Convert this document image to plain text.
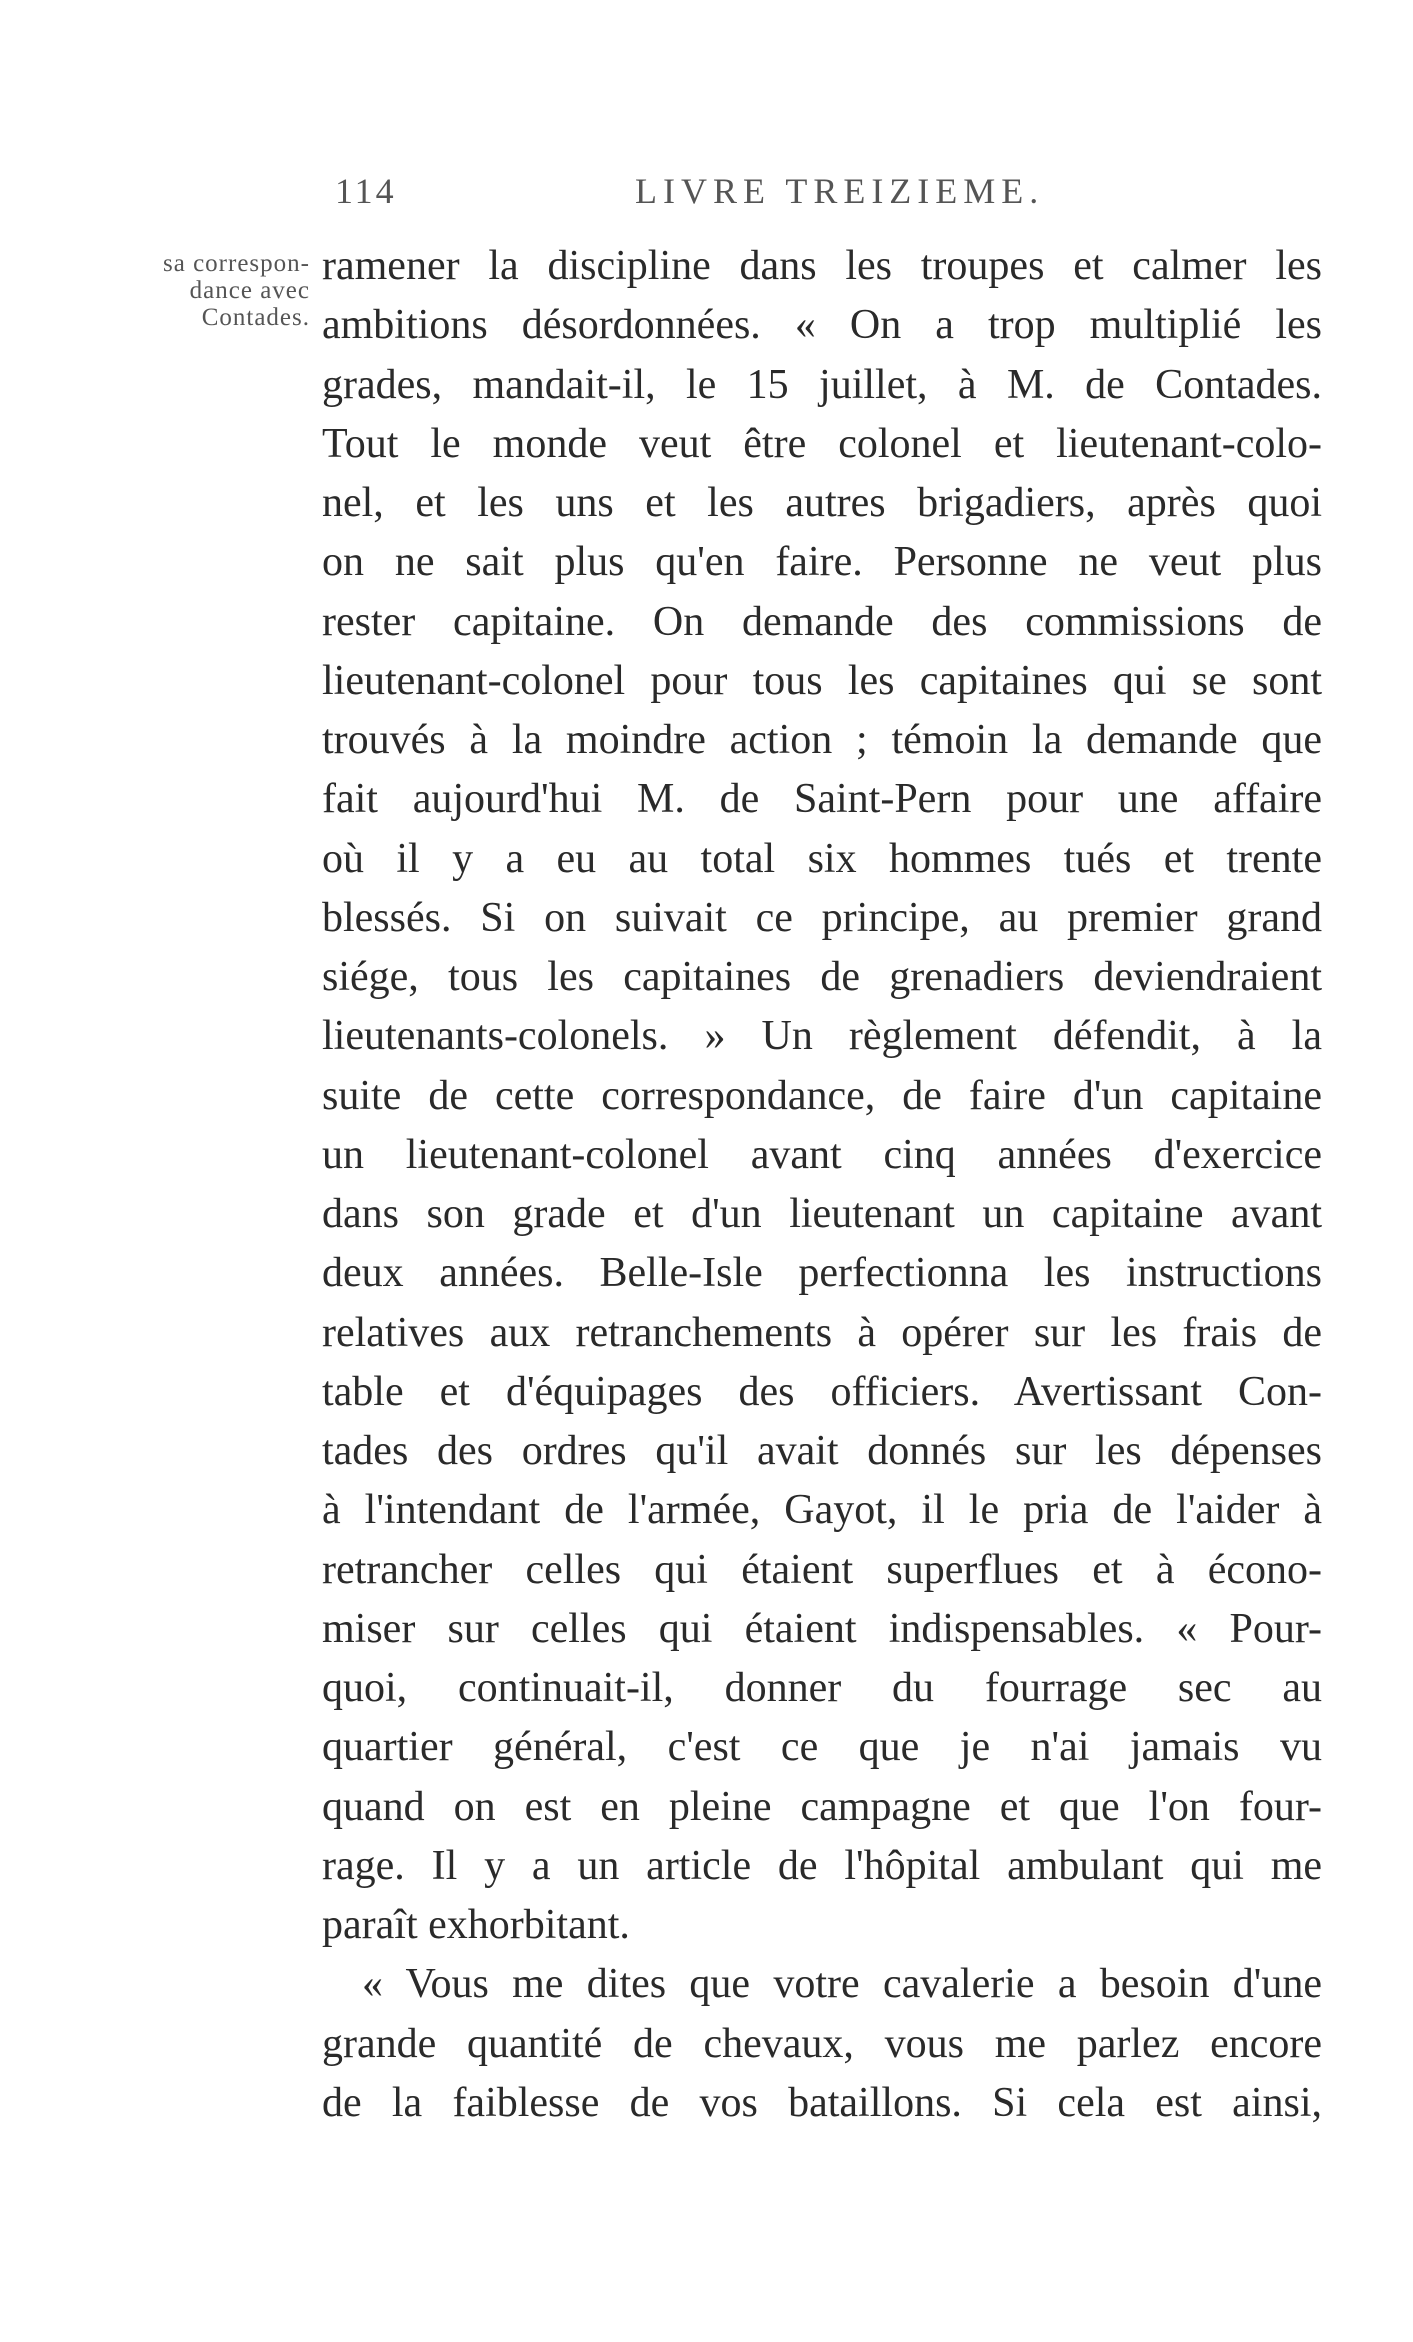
114	LIVRE TREIZIEME.
sa correspon-
dance avec
Contades.
ramener la discipline dans les troupes et calmer les
ambitions désordonnées. « On a trop multiplié les
grades, mandait-il, le 15 juillet, à M. de Contades.
Tout le monde veut être colonel et lieutenant-colo-
nel, et les uns et les autres brigadiers, après quoi
on ne sait plus qu'en faire. Personne ne veut plus
rester capitaine. On demande des commissions de
lieutenant-colonel pour tous les capitaines qui se sont
trouvés à la moindre action ; témoin la demande que
fait aujourd'hui M. de Saint-Pern pour une affaire
où il y a eu au total six hommes tués et trente
blessés. Si on suivait ce principe, au premier grand
siége, tous les capitaines de grenadiers deviendraient
lieutenants-colonels. » Un règlement défendit, à la
suite de cette correspondance, de faire d'un capitaine
un lieutenant-colonel avant cinq années d'exercice
dans son grade et d'un lieutenant un capitaine avant
deux années. Belle-Isle perfectionna les instructions
relatives aux retranchements à opérer sur les frais de
table et d'équipages des officiers. Avertissant Con-
tades des ordres qu'il avait donnés sur les dépenses
à l'intendant de l'armée, Gayot, il le pria de l'aider à
retrancher celles qui étaient superflues et à écono-
miser sur celles qui étaient indispensables. « Pour-
quoi, continuait-il, donner du fourrage sec au
quartier général, c'est ce que je n'ai jamais vu
quand on est en pleine campagne et que l'on four-
rage. Il y a un article de l'hôpital ambulant qui me
paraît exhorbitant.
« Vous me dites que votre cavalerie a besoin d'une
grande quantité de chevaux, vous me parlez encore
de la faiblesse de vos bataillons. Si cela est ainsi,
